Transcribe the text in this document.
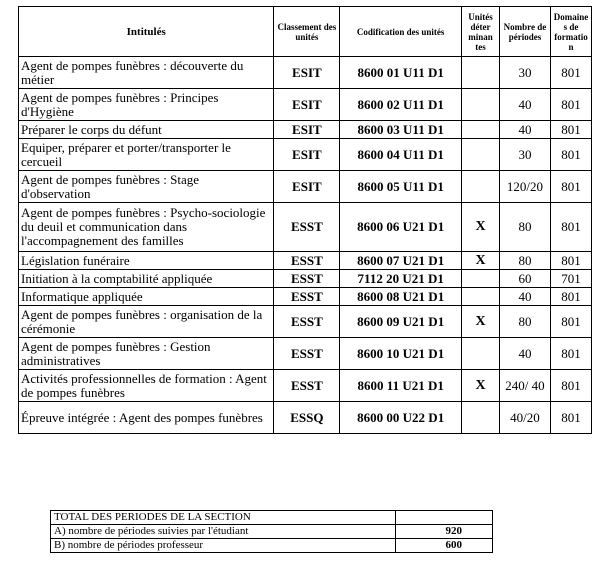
Intitulés	Classement des unités	Codification des unités	Unités déter minan tes	Nombre de périodes	Domaine s de formatio n
Agent de pompes funèbres : découverte du métier	ESIT	8600 01 U11 D1		30	801
Agent de pompes funèbres : Principes d'Hygiène	ESIT	8600 02 U11 D1		40	801
Préparer le corps du défunt	ESIT	8600 03 U11 D1		40	801
Equiper, préparer et porter/transporter le cercueil	ESIT	8600 04 U11 D1		30	801
Agent de pompes funèbres : Stage d'observation	ESIT	8600 05 U11 D1		120/20	801
Agent de pompes funèbres : Psycho-sociologie du deuil et communication dans l'accompagnement des familles	ESST	8600 06 U21 D1	X	80	801
Législation funéraire	ESST	8600 07 U21 D1	X	80	801
Initiation à la comptabilité appliquée	ESST	7112 20 U21 D1		60	701
Informatique appliquée	ESST	8600 08 U21 D1		40	801
Agent de pompes funèbres : organisation de la cérémonie	ESST	8600 09 U21 D1	X	80	801
Agent de pompes funèbres : Gestion administratives	ESST	8600 10 U21 D1		40	801
Activités professionnelles de formation : Agent de pompes funèbres	ESST	8600 11 U21 D1	X	240/ 40	801
Épreuve intégrée : Agent des pompes funèbres	ESSQ	8600 00 U22 D1		40/20	801
TOTAL DES PERIODES DE LA SECTION	
A) nombre de périodes suivies par l'étudiant	920
B) nombre de périodes professeur	600
